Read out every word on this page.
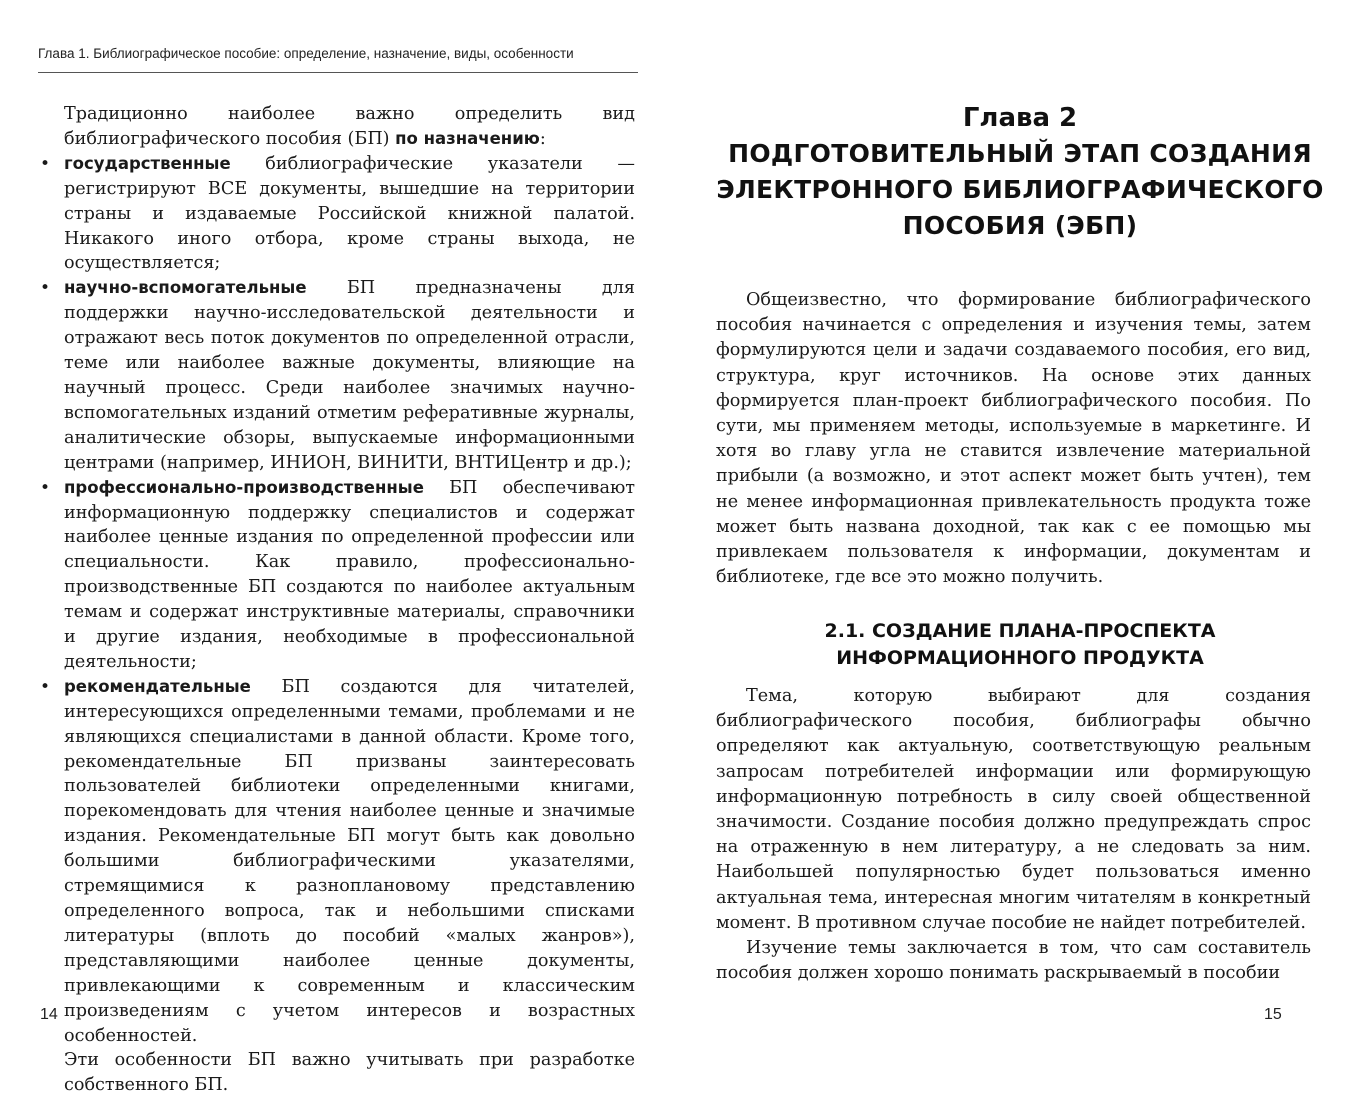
Глава 1. Библиографическое пособие: определение, назначение, виды, особенности

Традиционно наиболее важно определить вид библиографического пособия (БП) по назначению:

• государственные библиографические указатели — регистрируют ВСЕ документы, вышедшие на территории страны и издаваемые Российской книжной палатой. Никакого иного отбора, кроме страны выхода, не осуществляется;
• научно-вспомогательные БП предназначены для поддержки научно-исследовательской деятельности и отражают весь поток документов по определенной отрасли, теме или наиболее важные документы, влияющие на научный процесс. Среди наиболее значимых научно-вспомогательных изданий отметим реферативные журналы, аналитические обзоры, выпускаемые информационными центрами (например, ИНИОН, ВИНИТИ, ВНТИЦентр и др.);
• профессионально-производственные БП обеспечивают информационную поддержку специалистов и содержат наиболее ценные издания по определенной профессии или специальности. Как правило, профессионально-производственные БП создаются по наиболее актуальным темам и содержат инструктивные материалы, справочники и другие издания, необходимые в профессиональной деятельности;
• рекомендательные БП создаются для читателей, интересующихся определенными темами, проблемами и не являющихся специалистами в данной области. Кроме того, рекомендательные БП призваны заинтересовать пользователей библиотеки определенными книгами, порекомендовать для чтения наиболее ценные и значимые издания. Рекомендательные БП могут быть как довольно большими библиографическими указателями, стремящимися к разноплановому представлению определенного вопроса, так и небольшими списками литературы (вплоть до пособий «малых жанров»), представляющими наиболее ценные документы, привлекающими к современным и классическим произведениям с учетом интересов и возрастных особенностей.

Эти особенности БП важно учитывать при разработке собственного БП.

14
Глава 2
ПОДГОТОВИТЕЛЬНЫЙ ЭТАП СОЗДАНИЯ ЭЛЕКТРОННОГО БИБЛИОГРАФИЧЕСКОГО ПОСОБИЯ (ЭБП)

Общеизвестно, что формирование библиографического пособия начинается с определения и изучения темы, затем формулируются цели и задачи создаваемого пособия, его вид, структура, круг источников. На основе этих данных формируется план-проект библиографического пособия. По сути, мы применяем методы, используемые в маркетинге. И хотя во главу угла не ставится извлечение материальной прибыли (а возможно, и этот аспект может быть учтен), тем не менее информационная привлекательность продукта тоже может быть названа доходной, так как с ее помощью мы привлекаем пользователя к информации, документам и библиотеке, где все это можно получить.

2.1. СОЗДАНИЕ ПЛАНА-ПРОСПЕКТА ИНФОРМАЦИОННОГО ПРОДУКТА

Тема, которую выбирают для создания библиографического пособия, библиографы обычно определяют как актуальную, соответствующую реальным запросам потребителей информации или формирующую информационную потребность в силу своей общественной значимости. Создание пособия должно предупреждать спрос на отраженную в нем литературу, а не следовать за ним. Наибольшей популярностью будет пользоваться именно актуальная тема, интересная многим читателям в конкретный момент. В противном случае пособие не найдет потребителей.

Изучение темы заключается в том, что сам составитель пособия должен хорошо понимать раскрываемый в пособии

15
